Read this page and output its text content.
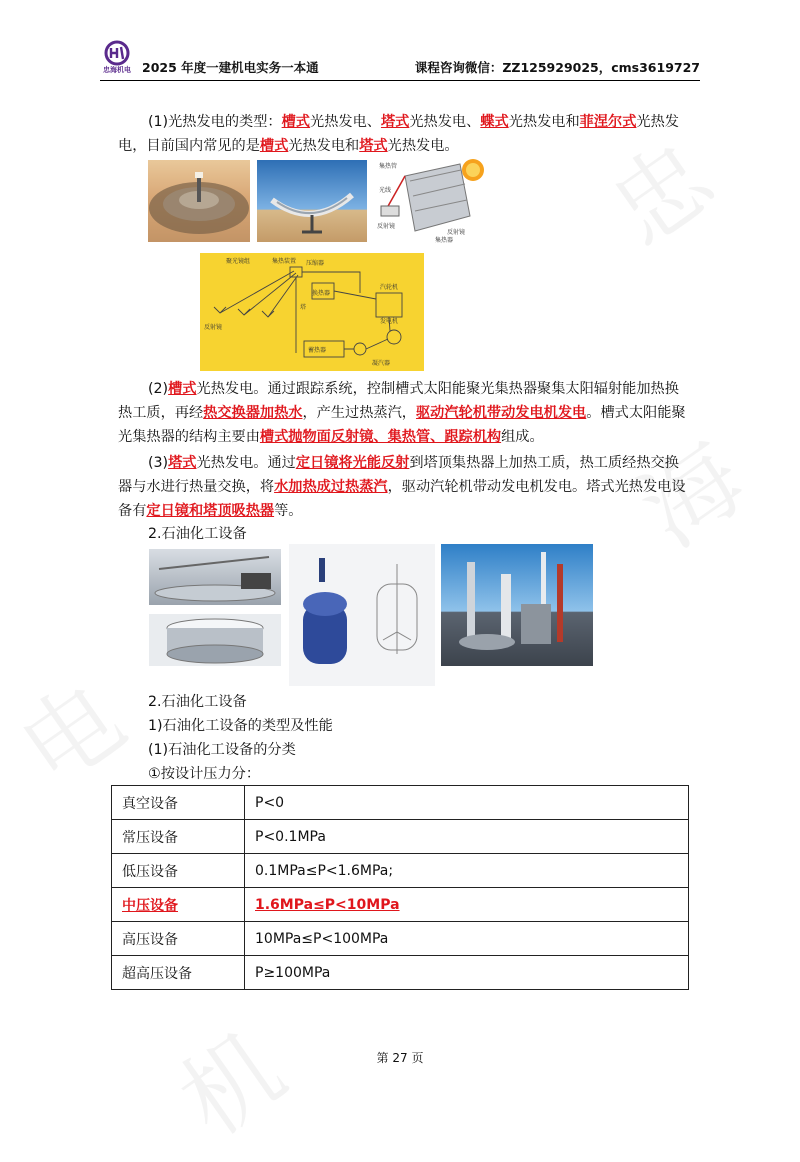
忠海机电 2025 年度一建机电实务一本通	课程咨询微信：ZZ125929025，cms3619727
(1)光热发电的类型：槽式光热发电、塔式光热发电、蝶式光热发电和菲涅尔式光热发电，目前国内常见的是槽式光热发电和塔式光热发电。
集热管
光线
反射镜
集热器
反射镜
聚光镜组	集热装置 压缩器
塔
反射镜
汽轮机
发电机
蓄热器
换热器
凝汽器
(2)槽式光热发电。通过跟踪系统，控制槽式太阳能聚光集热器聚集太阳辐射能加热换热工质，再经热交换器加热水，产生过热蒸汽，驱动汽轮机带动发电机发电。槽式太阳能聚光集热器的结构主要由槽式抛物面反射镜、集热管、跟踪机构组成。
(3)塔式光热发电。通过定日镜将光能反射到塔顶集热器上加热工质，热工质经热交换器与水进行热量交换，将水加热成过热蒸汽，驱动汽轮机带动发电机发电。塔式光热发电设备有定日镜和塔顶吸热器等。
2.石油化工设备
2.石油化工设备
1)石油化工设备的类型及性能
(1)石油化工设备的分类
①按设计压力分：
真空设备	P<0
常压设备	P<0.1MPa
低压设备	0.1MPa≤P<1.6MPa;
中压设备	1.6MPa≤P<10MPa
高压设备	10MPa≤P<100MPa
超高压设备	P≥100MPa
第 27 页
